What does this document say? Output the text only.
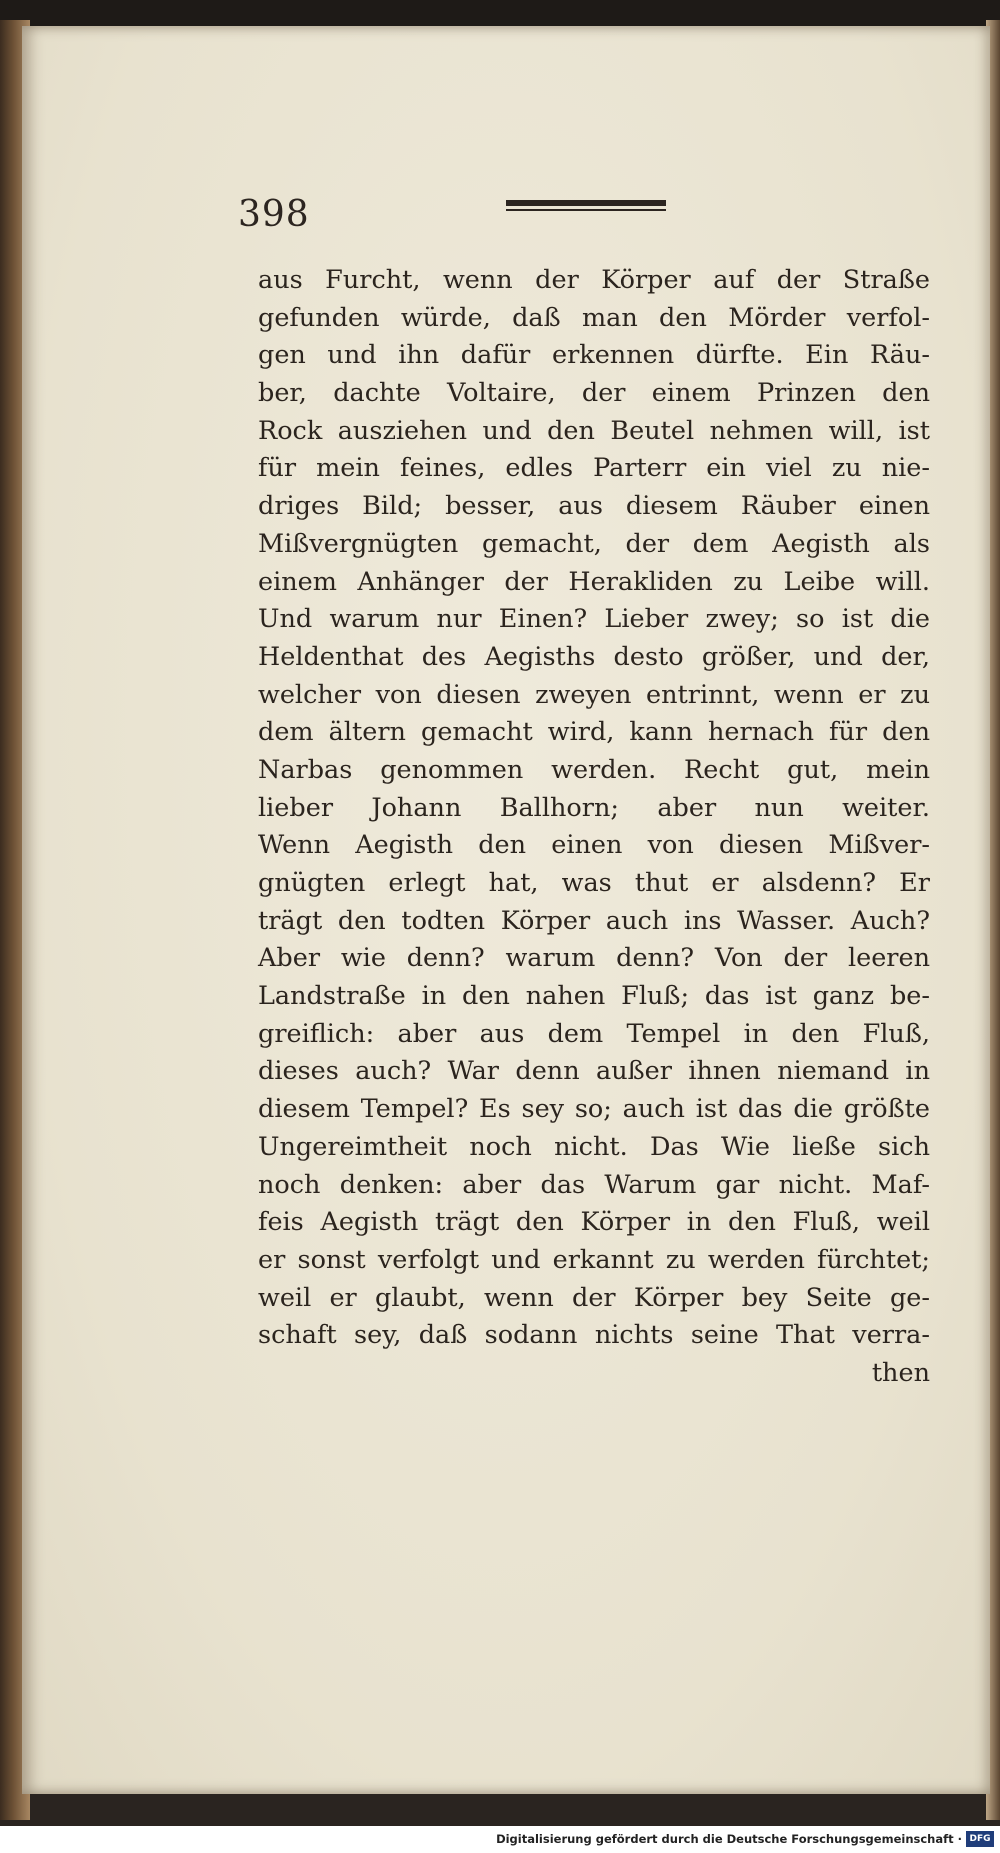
398
aus Furcht, wenn der Körper auf der Straße
gefunden würde, daß man den Mörder verfol-
gen und ihn dafür erkennen dürfte. Ein Räu-
ber, dachte Voltaire, der einem Prinzen den
Rock ausziehen und den Beutel nehmen will, ist
für mein feines, edles Parterr ein viel zu nie-
driges Bild; besser, aus diesem Räuber einen
Mißvergnügten gemacht, der dem Aegisth als
einem Anhänger der Herakliden zu Leibe will.
Und warum nur Einen? Lieber zwey; so ist die
Heldenthat des Aegisths desto größer, und der,
welcher von diesen zweyen entrinnt, wenn er zu
dem ältern gemacht wird, kann hernach für den
Narbas genommen werden. Recht gut, mein
lieber Johann Ballhorn; aber nun weiter.
Wenn Aegisth den einen von diesen Mißver-
gnügten erlegt hat, was thut er alsdenn? Er
trägt den todten Körper auch ins Wasser. Auch?
Aber wie denn? warum denn? Von der leeren
Landstraße in den nahen Fluß; das ist ganz be-
greiflich: aber aus dem Tempel in den Fluß,
dieses auch? War denn außer ihnen niemand in
diesem Tempel? Es sey so; auch ist das die größte
Ungereimtheit noch nicht. Das Wie ließe sich
noch denken: aber das Warum gar nicht. Maf-
feis Aegisth trägt den Körper in den Fluß, weil
er sonst verfolgt und erkannt zu werden fürchtet;
weil er glaubt, wenn der Körper bey Seite ge-
schaft sey, daß sodann nichts seine That verra-
then
Digitalisierung gefördert durch die Deutsche Forschungsgemeinschaft · DFG
